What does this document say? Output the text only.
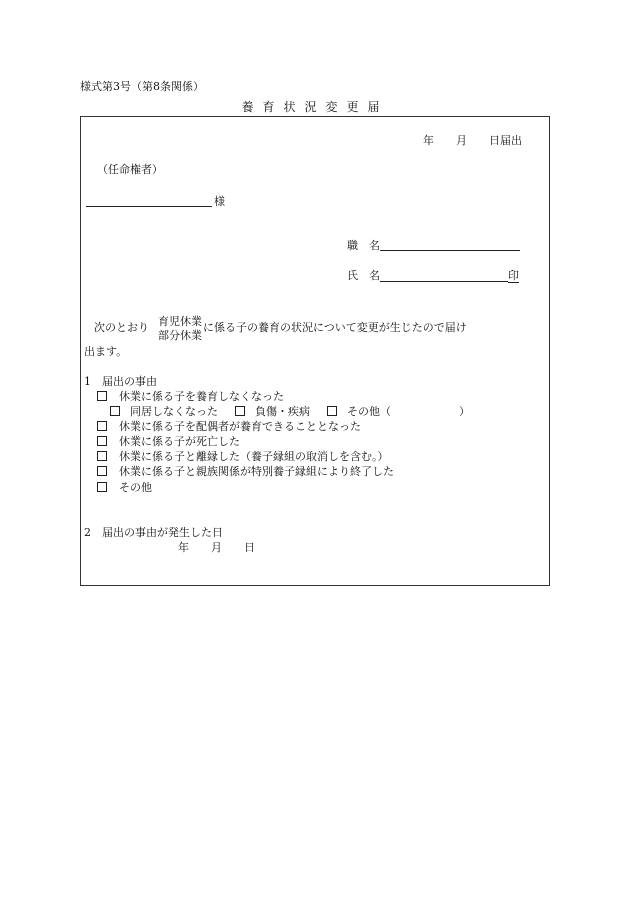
様式第3号（第8条関係）
養育状況変更届
年 月 日届出
（任命権者）
様
職　名
氏　名	印
次のとおり 育児休業
部分休業
に係る子の養育の状況について変更が生じたので届け
出ます。
1　届出の事由
休業に係る子を養育しなくなった
同居しなくなった	負傷・疾病	その他（	）
休業に係る子を配偶者が養育できることとなった
休業に係る子が死亡した
休業に係る子と離縁した（養子縁組の取消しを含む。）
休業に係る子と親族関係が特別養子縁組により終了した
その他
2　届出の事由が発生した日
年 月 日
